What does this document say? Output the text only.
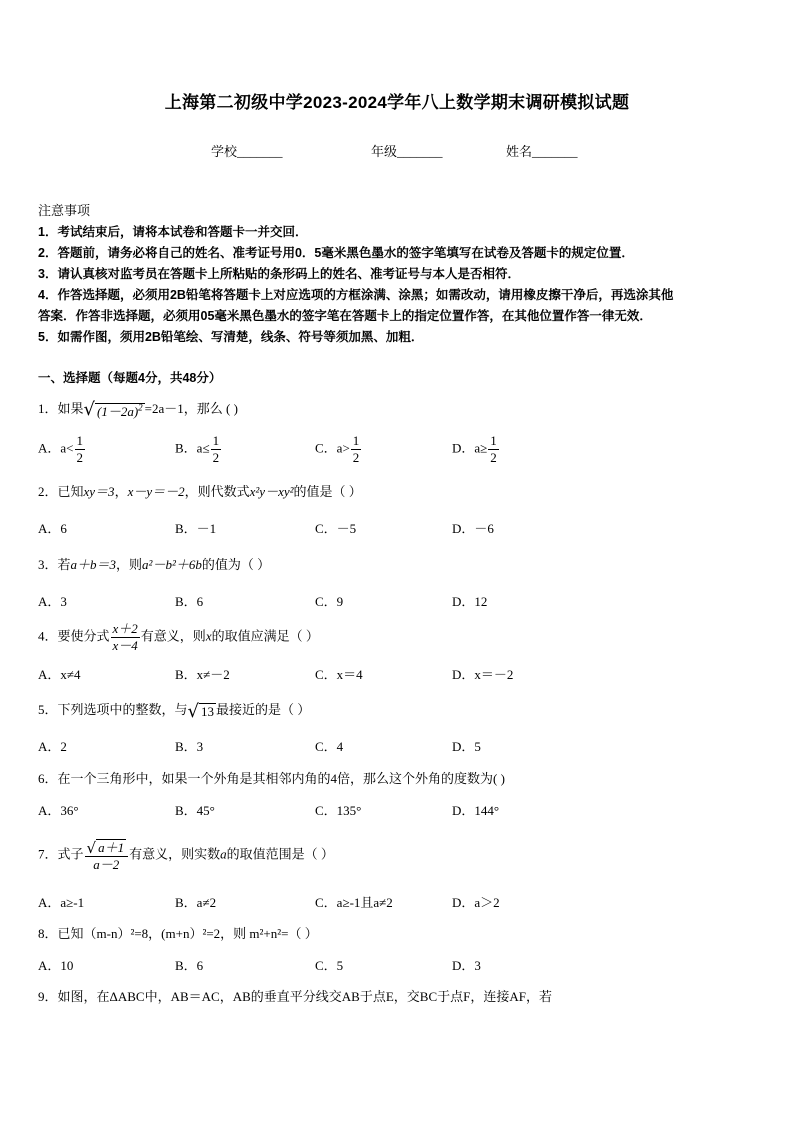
上海第二初级中学2023-2024学年八上数学期末调研模拟试题
学校_______	年级_______	姓名_______
注意事项
1．考试结束后，请将本试卷和答题卡一并交回．
2．答题前，请务必将自己的姓名、准考证号用0．5毫米黑色墨水的签字笔填写在试卷及答题卡的规定位置．
3．请认真核对监考员在答题卡上所粘贴的条形码上的姓名、准考证号与本人是否相符．
4．作答选择题，必须用2B铅笔将答题卡上对应选项的方框涂满、涂黑；如需改动，请用橡皮擦干净后，再选涂其他
答案．作答非选择题，必须用05毫米黑色墨水的签字笔在答题卡上的指定位置作答，在其他位置作答一律无效．
5．如需作图，须用2B铅笔绘、写清楚，线条、符号等须加黑、加粗．
一、选择题（每题4分，共48分）
1．如果√ $(1-2a)^2 =2a-1$，那么 ( )
A．$a< \frac{1}{2}$	B．$a\le \frac{1}{2}$	C．$a> \frac{1}{2}$	D．$a\ge \frac{1}{2}$
2．已知xy＝3，x－y＝－2，则代数式x²y－xy²的值是（ ）
A．6	B．－1	C．－5	D．－6
3．若a＋b＝3，则a²－b²＋6b的值为（ ）
A．3	B．6	C．9	D．12
4．要使分式 $\frac{x+2}{x-4}$ 有意义，则x的取值应满足（ ）
A．x≠4	B．x≠－2	C．x＝4	D．x＝－2
5．下列选项中的整数，与√ 13 最接近的是（ ）
A．2	B．3	C．4	D．5
6．在一个三角形中，如果一个外角是其相邻内角的4倍，那么这个外角的度数为( )
A．36°	B．45°	C．135°	D．144°
7．式子 $\frac{√ a+1}{a-2}$ 有意义，则实数a的取值范围是（ ）
A．a≥-1	B．a≠2	C．a≥-1且a≠2	D．a＞2
8．已知（m-n）²=8，(m+n）²=2，则 m²+n²=（ ）
A．10	B．6	C．5	D．3
9．如图，在ΔABC中，AB＝AC，AB的垂直平分线交AB于点E，交BC于点F，连接AF，若
